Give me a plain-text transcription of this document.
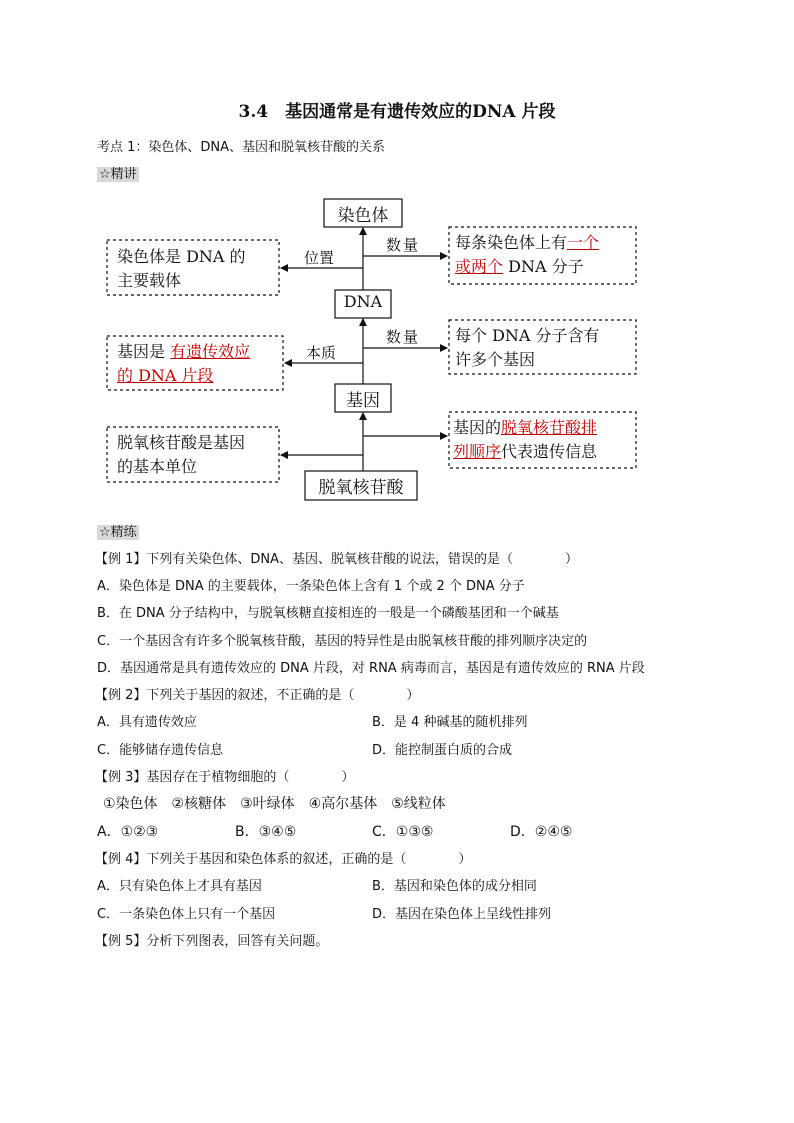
3.4　基因通常是有遗传效应的DNA 片段
考点 1：染色体、DNA、基因和脱氧核苷酸的关系
☆精讲
染色体
DNA
基因
脱氧核苷酸
位置
数量
本质
数量
染色体是 DNA 的
主要载体
每条染色体上有一个
或两个 DNA 分子
基因是 有遗传效应
的 DNA 片段
每个 DNA 分子含有
许多个基因
脱氧核苷酸是基因
的基本单位
基因的脱氧核苷酸排
列顺序代表遗传信息
☆精练
【例 1】下列有关染色体、DNA、基因、脱氧核苷酸的说法，错误的是（　　　　）
A．染色体是 DNA 的主要载体，一条染色体上含有 1 个或 2 个 DNA 分子
B．在 DNA 分子结构中，与脱氧核糖直接相连的一般是一个磷酸基团和一个碱基
C．一个基因含有许多个脱氧核苷酸，基因的特异性是由脱氧核苷酸的排列顺序决定的
D．基因通常是具有遗传效应的 DNA 片段，对 RNA 病毒而言，基因是有遗传效应的 RNA 片段
【例 2】下列关于基因的叙述，不正确的是（　　　　）
A．具有遗传效应	B．是 4 种碱基的随机排列
C．能够储存遗传信息	D．能控制蛋白质的合成
【例 3】基因存在于植物细胞的（　　　　）
①染色体　②核糖体　③叶绿体　④高尔基体　⑤线粒体
A．①②③	B．③④⑤	C．①③⑤	D．②④⑤
【例 4】下列关于基因和染色体系的叙述，正确的是（　　　　）
A．只有染色体上才具有基因	B．基因和染色体的成分相同
C．一条染色体上只有一个基因	D．基因在染色体上呈线性排列
【例 5】分析下列图表，回答有关问题。
